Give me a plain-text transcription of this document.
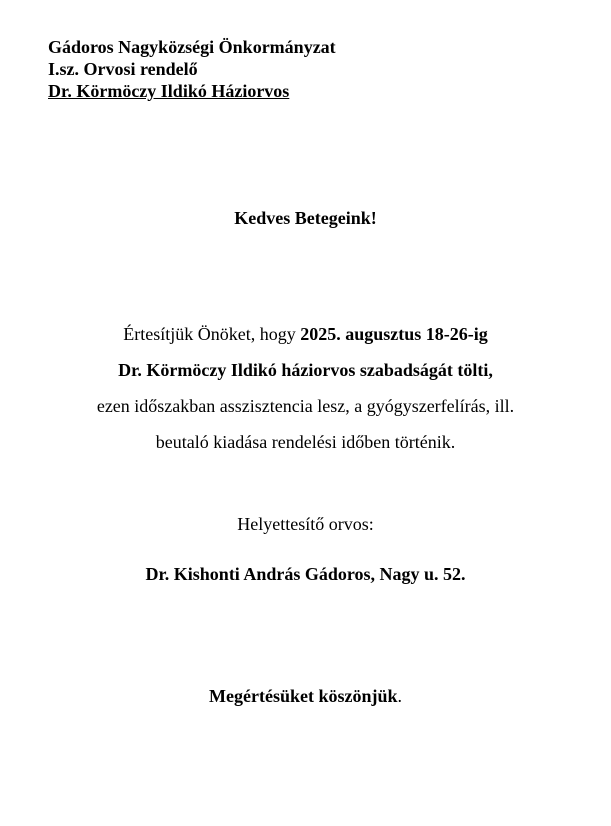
Gádoros Nagyközségi Önkormányzat
I.sz. Orvosi rendelő
Dr. Körmöczy Ildikó Háziorvos
Kedves Betegeink!
Értesítjük Önöket, hogy 2025. augusztus 18-26-ig
Dr. Körmöczy Ildikó háziorvos szabadságát tölti,
ezen időszakban asszisztencia lesz, a gyógyszerfelírás, ill.
beutaló kiadása rendelési időben történik.
Helyettesítő orvos:
Dr. Kishonti András Gádoros, Nagy u. 52.
Megértésüket köszönjük.
